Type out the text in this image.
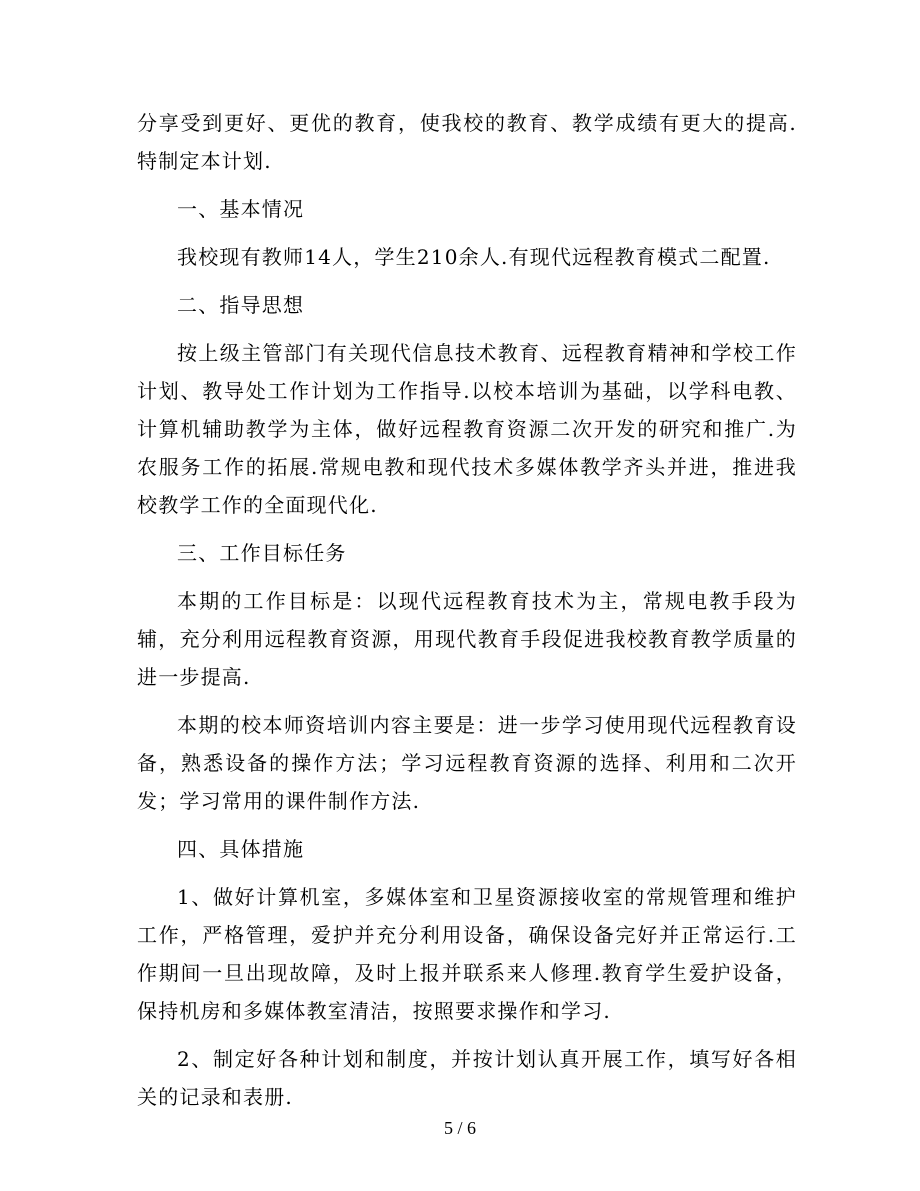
分享受到更好、更优的教育，使我校的教育、教学成绩有更大的提高.特制定本计划.

一、基本情况

我校现有教师14人，学生210余人.有现代远程教育模式二配置.

二、指导思想

按上级主管部门有关现代信息技术教育、远程教育精神和学校工作计划、教导处工作计划为工作指导.以校本培训为基础，以学科电教、计算机辅助教学为主体，做好远程教育资源二次开发的研究和推广.为农服务工作的拓展.常规电教和现代技术多媒体教学齐头并进，推进我校教学工作的全面现代化.

三、工作目标任务

本期的工作目标是：以现代远程教育技术为主，常规电教手段为辅，充分利用远程教育资源，用现代教育手段促进我校教育教学质量的进一步提高.

本期的校本师资培训内容主要是：进一步学习使用现代远程教育设备，熟悉设备的操作方法；学习远程教育资源的选择、利用和二次开发；学习常用的课件制作方法.

四、具体措施

1、做好计算机室，多媒体室和卫星资源接收室的常规管理和维护工作，严格管理，爱护并充分利用设备，确保设备完好并正常运行.工作期间一旦出现故障，及时上报并联系来人修理.教育学生爱护设备，保持机房和多媒体教室清洁，按照要求操作和学习.

2、制定好各种计划和制度，并按计划认真开展工作，填写好各相关的记录和表册.

5 / 6
